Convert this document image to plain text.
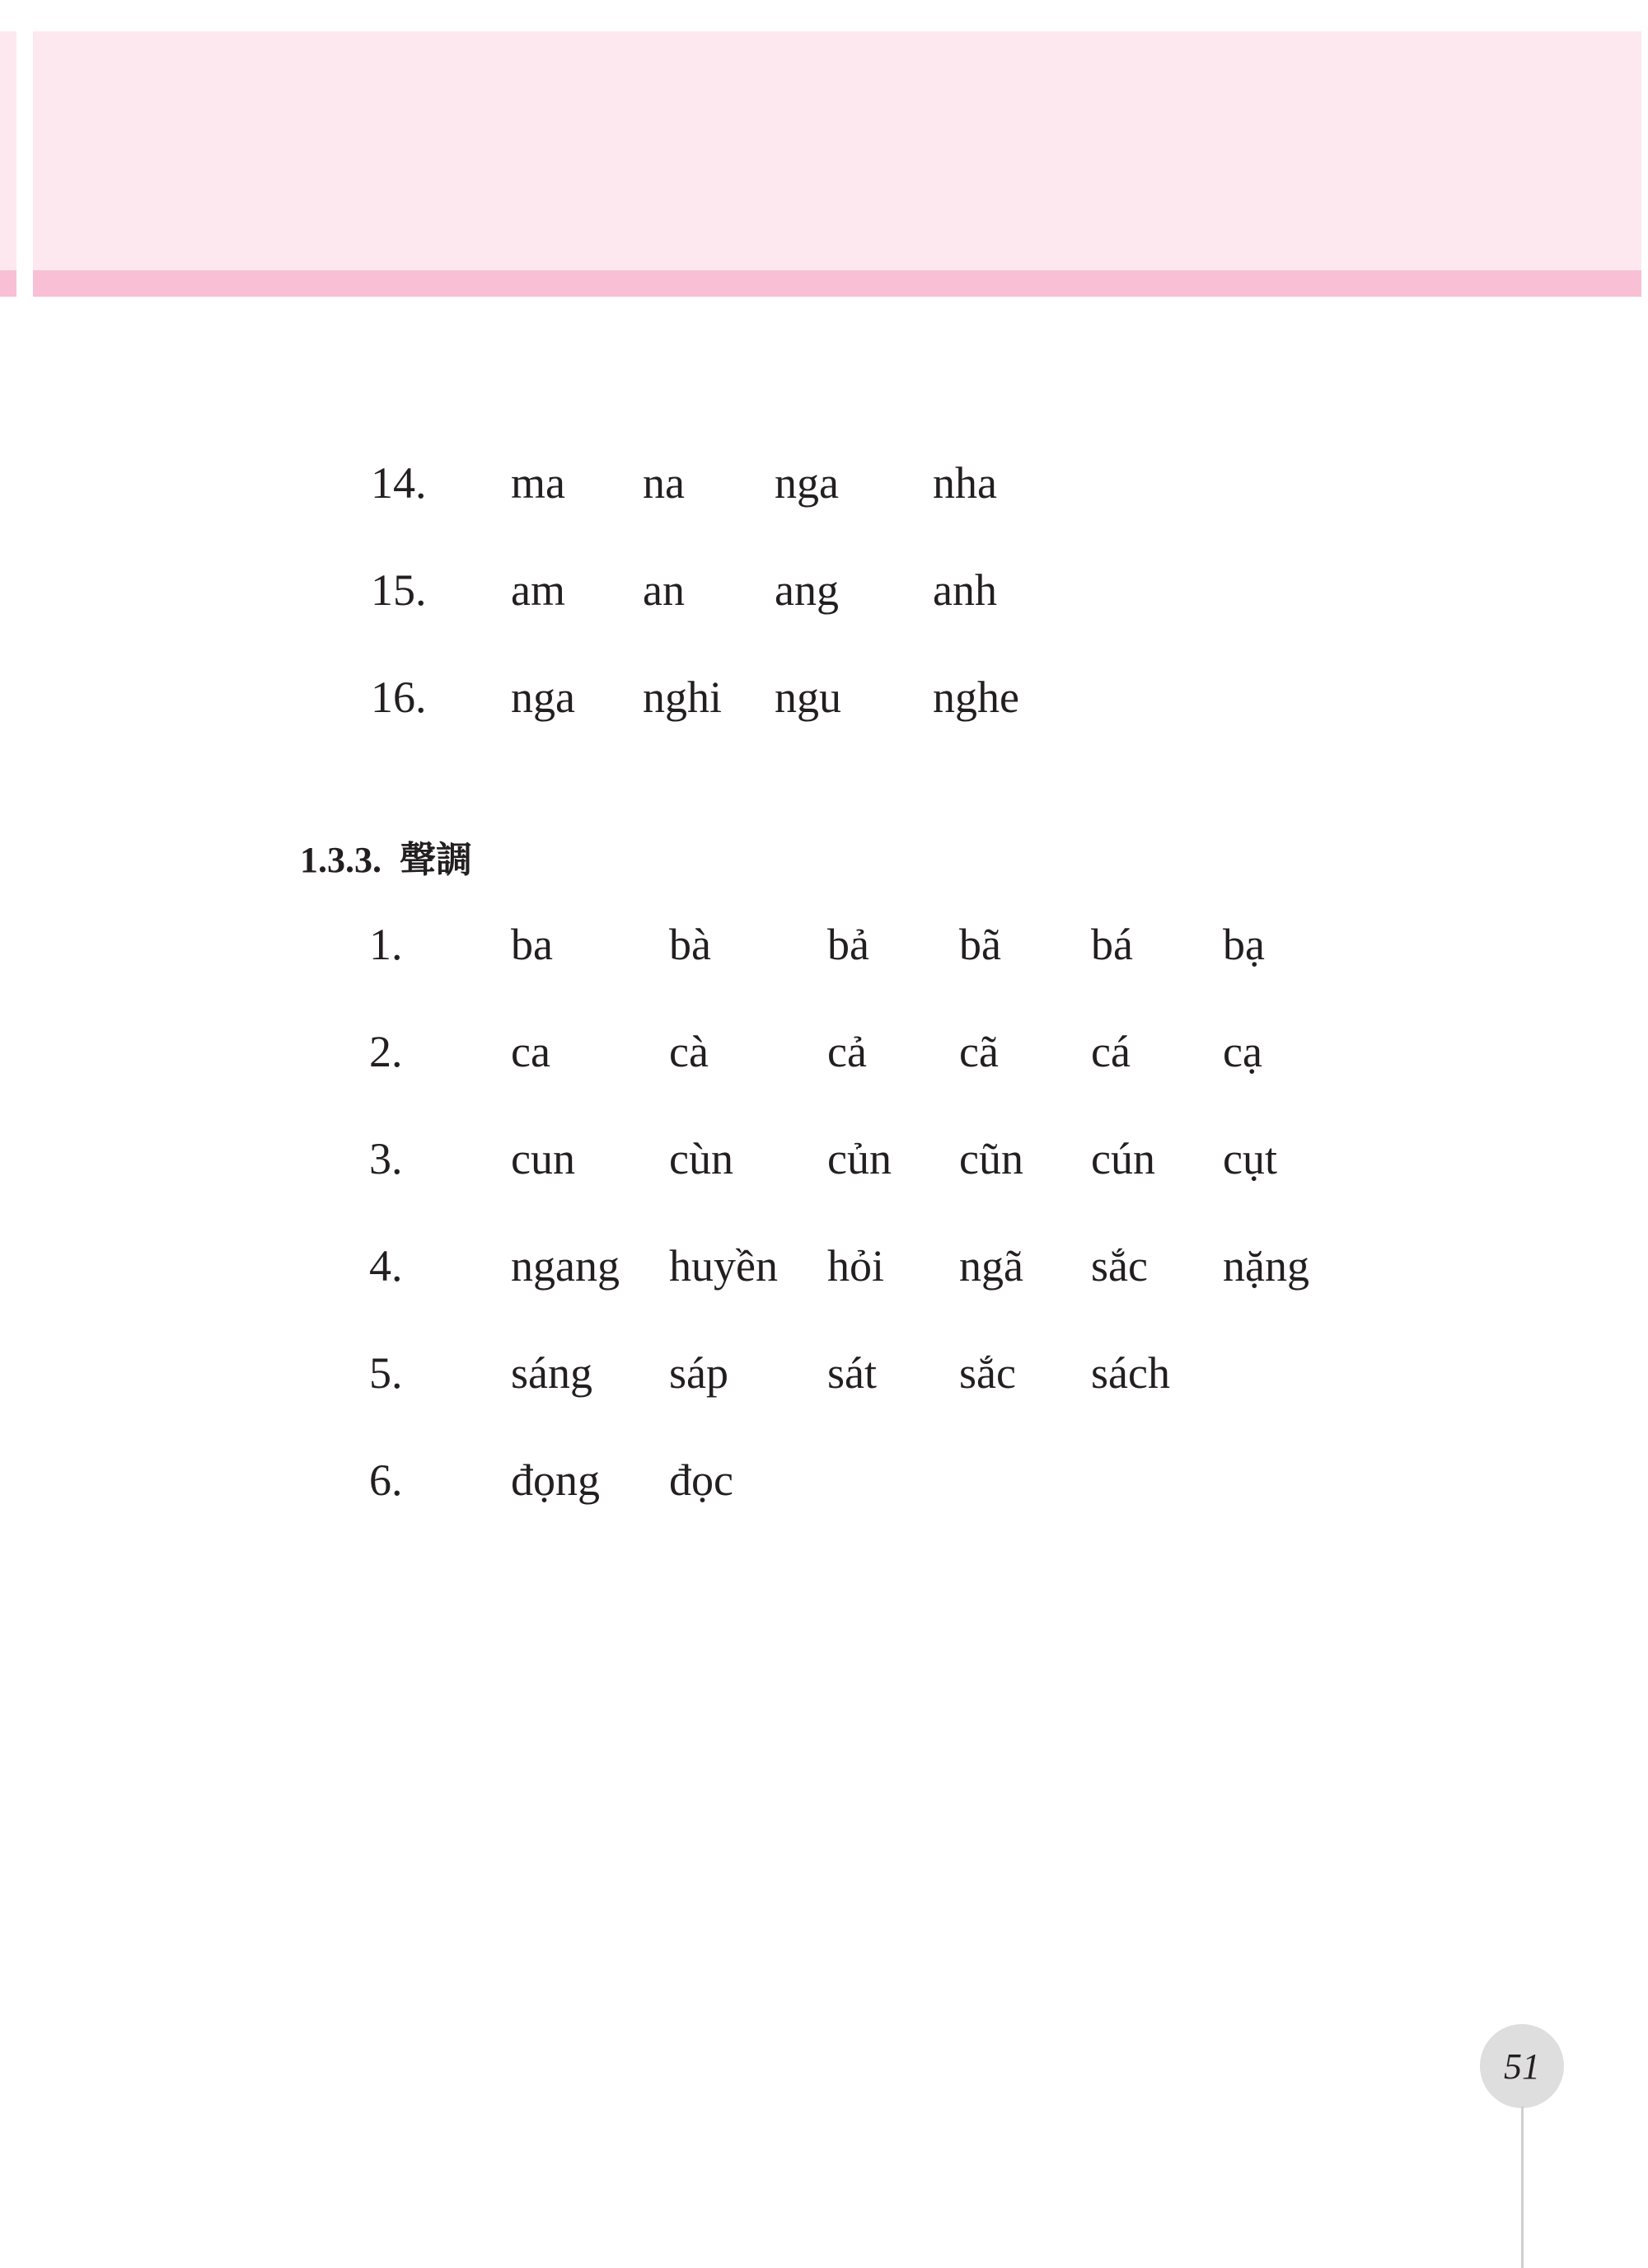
14. ma na nga nha
15. am an ang anh
16. nga nghi ngu nghe
1.3.3. 聲調
1. ba	bà	bả bã bá bạ
2. ca	cà	cả cã cá cạ
3. cun cùn củn cũn cún cụt
4. ngang huyền hỏi ngã sắc nặng
5. sáng sáp sát sắc sách
6. đọng đọc
51
